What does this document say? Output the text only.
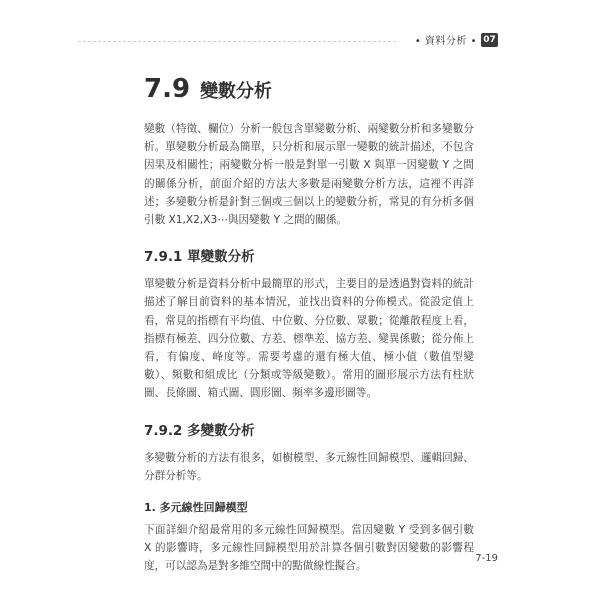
• 資料分析 • 07
7.9 變數分析

變數（特徵、欄位）分析一般包含單變數分析、兩變數分析和多變數分析。單變數分析最為簡單，只分析和展示單一變數的統計描述，不包含因果及相關性；兩變數分析一般是對單一引數 X 與單一因變數 Y 之間的關係分析，前面介紹的方法大多數是兩變數分析方法，這裡不再詳述；多變數分析是針對三個或三個以上的變數分析，常見的有分析多個引數 X1,X2,X3⋯與因變數 Y 之間的關係。

7.9.1 單變數分析

單變數分析是資料分析中最簡單的形式，主要目的是透過對資料的統計描述了解目前資料的基本情況，並找出資料的分佈模式。從設定值上看，常見的指標有平均值、中位數、分位數、眾數；從離散程度上看，指標有極差、四分位數、方差、標準差、協方差、變異係數；從分佈上看，有偏度、峰度等。需要考慮的還有極大值、極小值（數值型變數）、頻數和組成比（分類或等級變數）。常用的圖形展示方法有柱狀圖、長條圖、箱式圖、圓形圖、頻率多邊形圖等。

7.9.2 多變數分析

多變數分析的方法有很多，如樹模型、多元線性回歸模型、邏輯回歸、分群分析等。

1. 多元線性回歸模型

下面詳細介紹最常用的多元線性回歸模型。當因變數 Y 受到多個引數 X 的影響時，多元線性回歸模型用於計算各個引數對因變數的影響程度，可以認為是對多維空間中的點做線性擬合。

7-19
